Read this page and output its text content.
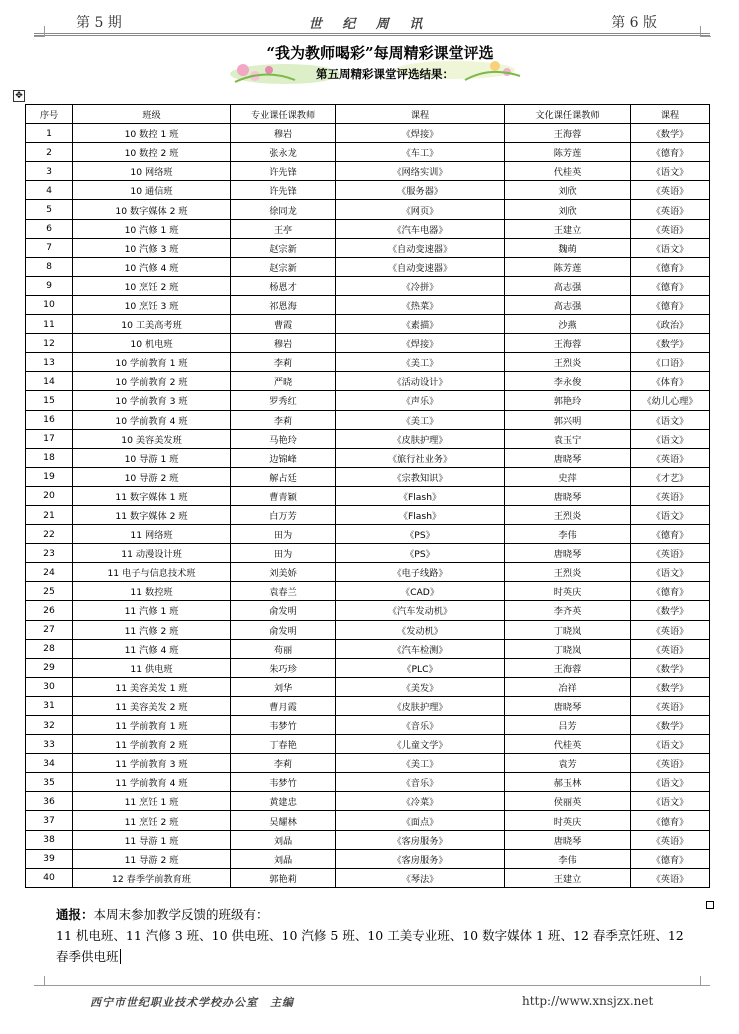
第 5 期	世 纪 周 讯	第 6 版
“我为教师喝彩”每周精彩课堂评选
第五周精彩课堂评选结果：
✥
序号	班级	专业课任课教师	课程	文化课任课教师	课程
1	10 数控 1 班	穆岩	《焊接》	王海蓉	《数学》
2	10 数控 2 班	张永龙	《车工》	陈芳莲	《德育》
3	10 网络班	许先锋	《网络实训》	代桂英	《语文》
4	10 通信班	许先锋	《服务器》	刘欣	《英语》
5	10 数字媒体 2 班	徐同龙	《网页》	刘欣	《英语》
6	10 汽修 1 班	王亭	《汽车电器》	王建立	《英语》
7	10 汽修 3 班	赵宗新	《自动变速器》	魏萌	《语文》
8	10 汽修 4 班	赵宗新	《自动变速器》	陈芳莲	《德育》
9	10 烹饪 2 班	杨恩才	《冷拼》	高志强	《德育》
10	10 烹饪 3 班	祁恩海	《热菜》	高志强	《德育》
11	10 工美高考班	曹霞	《素描》	沙燕	《政治》
12	10 机电班	穆岩	《焊接》	王海蓉	《数学》
13	10 学前教育 1 班	李莉	《美工》	王烈炎	《口语》
14	10 学前教育 2 班	严晓	《活动设计》	李永俊	《体育》
15	10 学前教育 3 班	罗秀红	《声乐》	郭艳玲	《幼儿心理》
16	10 学前教育 4 班	李莉	《美工》	郭兴明	《语文》
17	10 美容美发班	马艳玲	《皮肤护理》	袁玉宁	《语文》
18	10 导游 1 班	边锦峰	《旅行社业务》	唐晓琴	《英语》
19	10 导游 2 班	解占廷	《宗教知识》	史萍	《才艺》
20	11 数字媒体 1 班	曹青颖	《Flash》	唐晓琴	《英语》
21	11 数字媒体 2 班	白万芳	《Flash》	王烈炎	《语文》
22	11 网络班	田为	《PS》	李伟	《德育》
23	11 动漫设计班	田为	《PS》	唐晓琴	《英语》
24	11 电子与信息技术班	刘美娇	《电子线路》	王烈炎	《语文》
25	11 数控班	袁春兰	《CAD》	时英庆	《德育》
26	11 汽修 1 班	俞发明	《汽车发动机》	李齐英	《数学》
27	11 汽修 2 班	俞发明	《发动机》	丁晓岚	《英语》
28	11 汽修 4 班	苟丽	《汽车检测》	丁晓岚	《英语》
29	11 供电班	朱巧珍	《PLC》	王海蓉	《数学》
30	11 美容美发 1 班	刘华	《美发》	冶祥	《数学》
31	11 美容美发 2 班	曹月霞	《皮肤护理》	唐晓琴	《英语》
32	11 学前教育 1 班	韦梦竹	《音乐》	吕芳	《数学》
33	11 学前教育 2 班	丁春艳	《儿童文学》	代桂英	《语文》
34	11 学前教育 3 班	李莉	《美工》	袁芳	《英语》
35	11 学前教育 4 班	韦梦竹	《音乐》	郝玉林	《语文》
36	11 烹饪 1 班	黄建忠	《冷菜》	侯丽英	《语文》
37	11 烹饪 2 班	吴耀林	《面点》	时英庆	《德育》
38	11 导游 1 班	刘晶	《客房服务》	唐晓琴	《英语》
39	11 导游 2 班	刘晶	《客房服务》	李伟	《德育》
40	12 春季学前教育班	郭艳莉	《琴法》	王建立	《英语》
通报：本周末参加教学反馈的班级有：
11 机电班、11 汽修 3 班、10 供电班、10 汽修 5 班、10 工美专业班、10 数字媒体 1 班、12 春季烹饪班、12 春季供电班
西宁市世纪职业技术学校办公室　主编	http://www.xnsjzx.net
